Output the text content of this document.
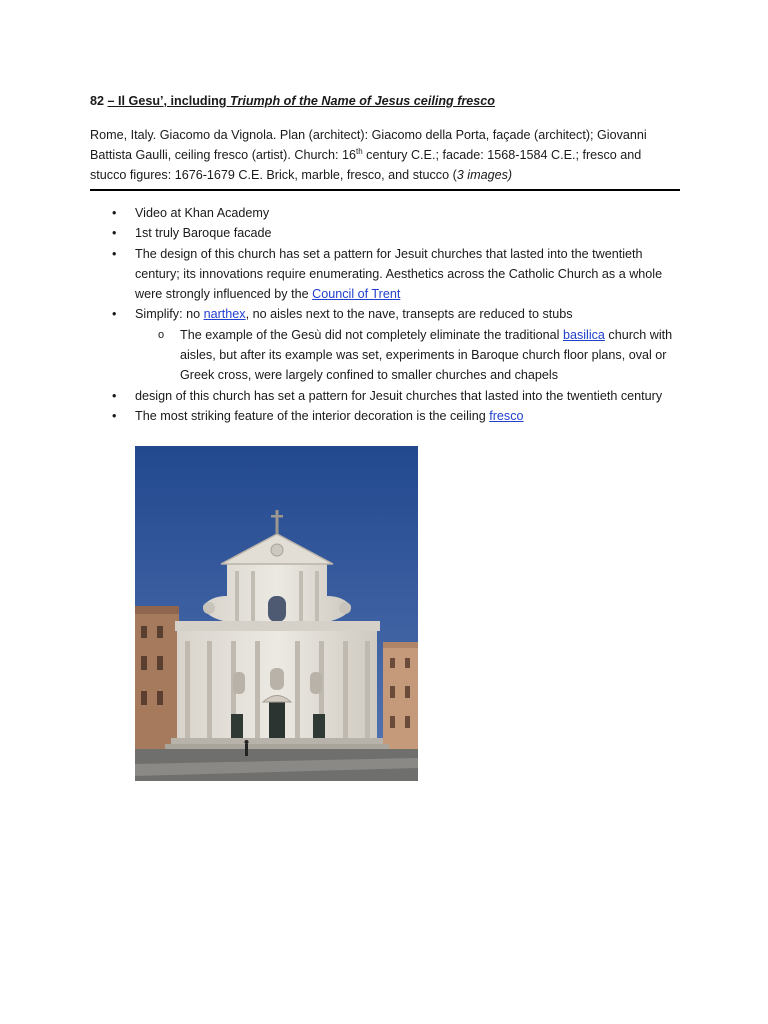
82 – Il Gesu’, including Triumph of the Name of Jesus ceiling fresco

Rome, Italy. Giacomo da Vignola. Plan (architect): Giacomo della Porta, façade (architect); Giovanni Battista Gaulli, ceiling fresco (artist). Church: 16th century C.E.; facade: 1568-1584 C.E.; fresco and stucco figures: 1676-1679 C.E. Brick, marble, fresco, and stucco (3 images)
• Video at Khan Academy
• 1st truly Baroque facade
• The design of this church has set a pattern for Jesuit churches that lasted into the twentieth century; its innovations require enumerating. Aesthetics across the Catholic Church as a whole were strongly influenced by the Council of Trent
• Simplify: no narthex, no aisles next to the nave, transepts are reduced to stubs
o The example of the Gesù did not completely eliminate the traditional basilica church with aisles, but after its example was set, experiments in Baroque church floor plans, oval or Greek cross, were largely confined to smaller churches and chapels
• design of this church has set a pattern for Jesuit churches that lasted into the twentieth century
• The most striking feature of the interior decoration is the ceiling fresco
